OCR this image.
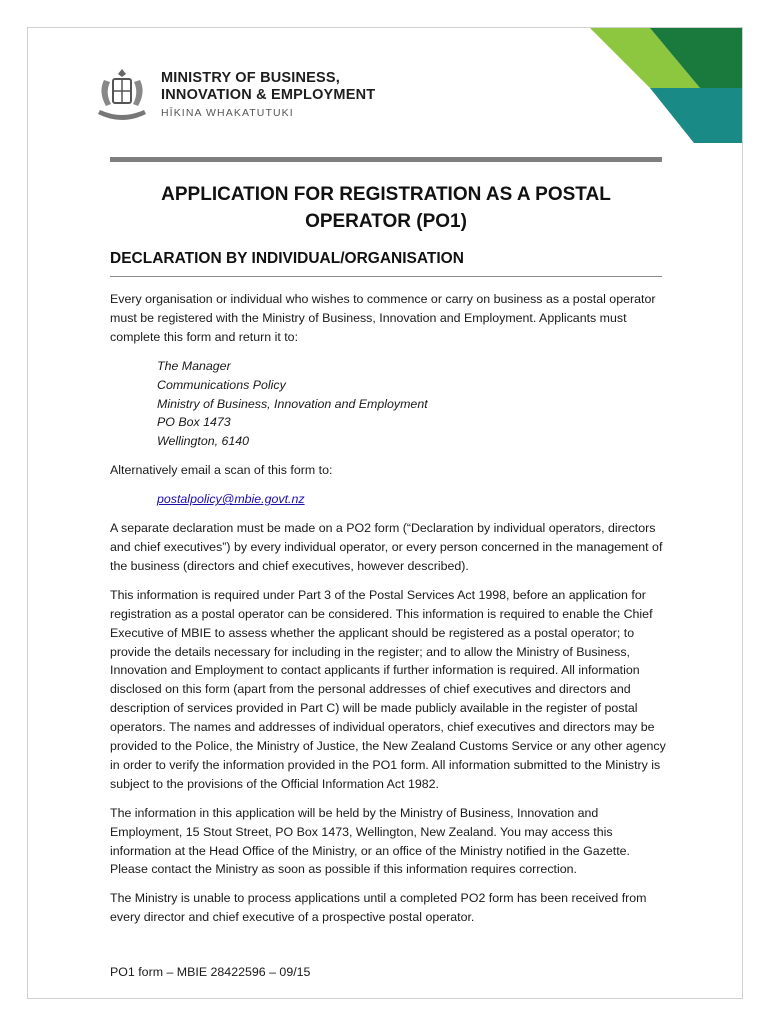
MINISTRY OF BUSINESS,
INNOVATION & EMPLOYMENT
HĪKINA WHAKATUTUKI
APPLICATION FOR REGISTRATION AS A POSTAL
OPERATOR (PO1)
DECLARATION BY INDIVIDUAL/ORGANISATION

Every organisation or individual who wishes to commence or carry on business as a postal operator must be registered with the Ministry of Business, Innovation and Employment. Applicants must complete this form and return it to:

The Manager
Communications Policy
Ministry of Business, Innovation and Employment
PO Box 1473
Wellington, 6140

Alternatively email a scan of this form to:

postalpolicy@mbie.govt.nz

A separate declaration must be made on a PO2 form (“Declaration by individual operators, directors and chief executives”) by every individual operator, or every person concerned in the management of the business (directors and chief executives, however described).

This information is required under Part 3 of the Postal Services Act 1998, before an application for registration as a postal operator can be considered. This information is required to enable the Chief Executive of MBIE to assess whether the applicant should be registered as a postal operator; to provide the details necessary for including in the register; and to allow the Ministry of Business, Innovation and Employment to contact applicants if further information is required. All information disclosed on this form (apart from the personal addresses of chief executives and directors and description of services provided in Part C) will be made publicly available in the register of postal operators. The names and addresses of individual operators, chief executives and directors may be provided to the Police, the Ministry of Justice, the New Zealand Customs Service or any other agency in order to verify the information provided in the PO1 form. All information submitted to the Ministry is subject to the provisions of the Official Information Act 1982.

The information in this application will be held by the Ministry of Business, Innovation and Employment, 15 Stout Street, PO Box 1473, Wellington, New Zealand. You may access this information at the Head Office of the Ministry, or an office of the Ministry notified in the Gazette. Please contact the Ministry as soon as possible if this information requires correction.

The Ministry is unable to process applications until a completed PO2 form has been received from every director and chief executive of a prospective postal operator.

PO1 form – MBIE 28422596 – 09/15
